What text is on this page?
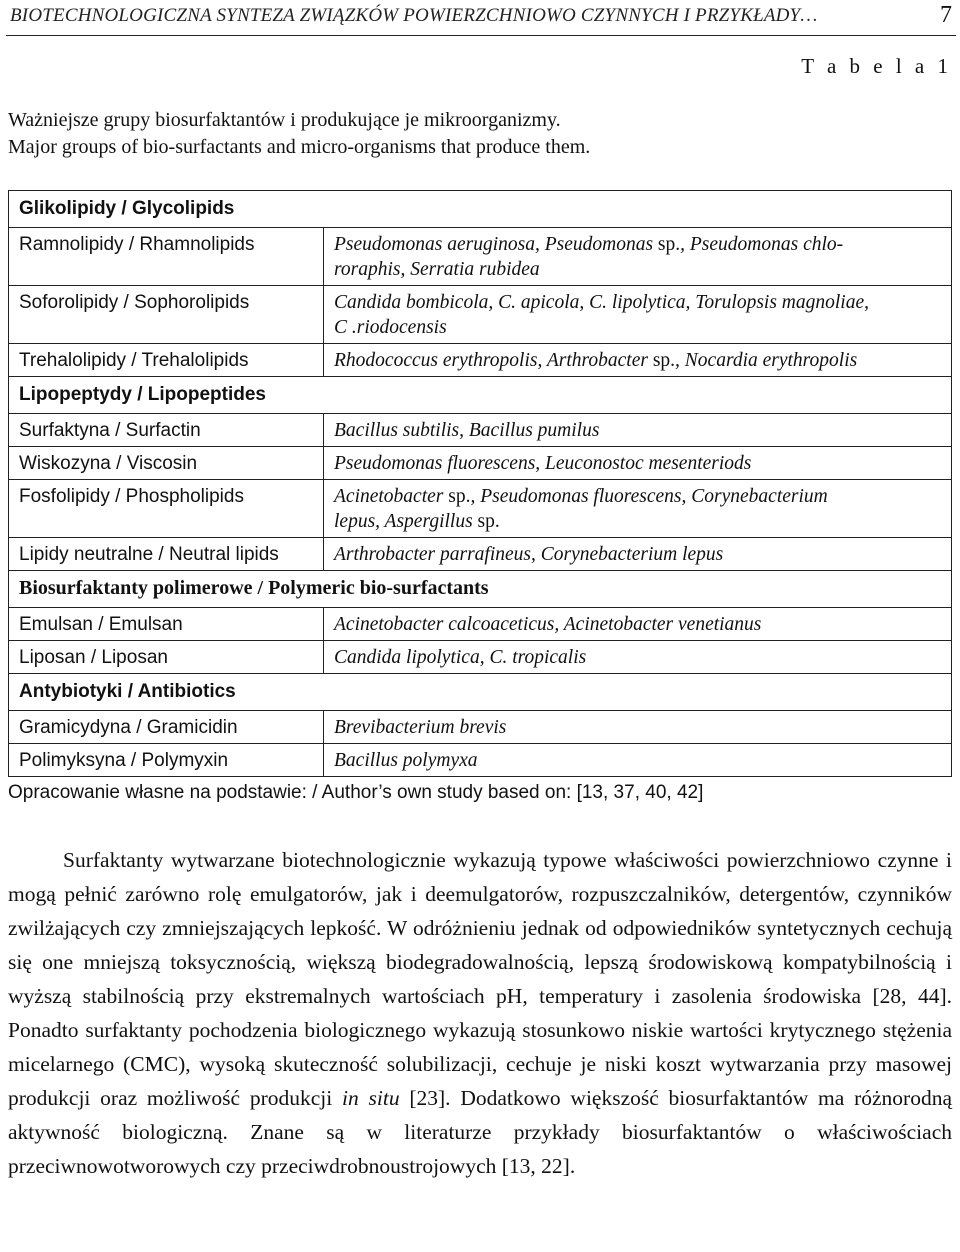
BIOTECHNOLOGICZNA SYNTEZA ZWIĄZKÓW POWIERZCHNIOWO CZYNNYCH I PRZYKŁADY…	7
T a b e l a 1
Ważniejsze grupy biosurfaktantów i produkujące je mikroorganizmy.
Major groups of bio-surfactants and micro-organisms that produce them.
Glikolipidy / Glycolipids	
Ramnolipidy / Rhamnolipids	Pseudomonas aeruginosa, Pseudomonas sp., Pseudomonas chlo-
roraphis, Serratia rubidea
Soforolipidy / Sophorolipids	Candida bombicola, C. apicola, C. lipolytica, Torulopsis magnoliae,
C .riodocensis
Trehalolipidy / Trehalolipids	Rhodococcus erythropolis, Arthrobacter sp., Nocardia erythropolis
Lipopeptydy / Lipopeptides	
Surfaktyna / Surfactin	Bacillus subtilis, Bacillus pumilus
Wiskozyna / Viscosin	Pseudomonas fluorescens, Leuconostoc mesenteriods
Fosfolipidy / Phospholipids	Acinetobacter sp., Pseudomonas fluorescens, Corynebacterium
lepus, Aspergillus sp.
Lipidy neutralne / Neutral lipids	Arthrobacter parrafineus, Corynebacterium lepus
Biosurfaktanty polimerowe / Polymeric bio-surfactants	
Emulsan / Emulsan	Acinetobacter calcoaceticus, Acinetobacter venetianus
Liposan / Liposan	Candida lipolytica, C. tropicalis
Antybiotyki / Antibiotics	
Gramicydyna / Gramicidin	Brevibacterium brevis
Polimyksyna / Polymyxin	Bacillus polymyxa
Opracowanie własne na podstawie: / Author’s own study based on: [13, 37, 40, 42]

Surfaktanty wytwarzane biotechnologicznie wykazują typowe właściwości powierzchniowo czynne i mogą pełnić zarówno rolę emulgatorów, jak i deemulgatorów, rozpuszczalników, detergentów, czynników zwilżających czy zmniejszających lepkość. W odróżnieniu jednak od odpowiedników syntetycznych cechują się one mniejszą toksycznością, większą biodegradowalnością, lepszą środowiskową kompatybilnością i wyższą stabilnością przy ekstremalnych wartościach pH, temperatury i zasolenia środowiska [28, 44]. Ponadto surfaktanty pochodzenia biologicznego wykazują stosunkowo niskie wartości krytycznego stężenia micelarnego (CMC), wysoką skuteczność solubilizacji, cechuje je niski koszt wytwarzania przy masowej produkcji oraz możliwość produkcji in situ [23]. Dodatkowo większość biosurfaktantów ma różnorodną aktywność biologiczną. Znane są w literaturze przykłady biosurfaktantów o właściwościach przeciwnowotworowych czy przeciwdrobnoustrojowych [13, 22].
